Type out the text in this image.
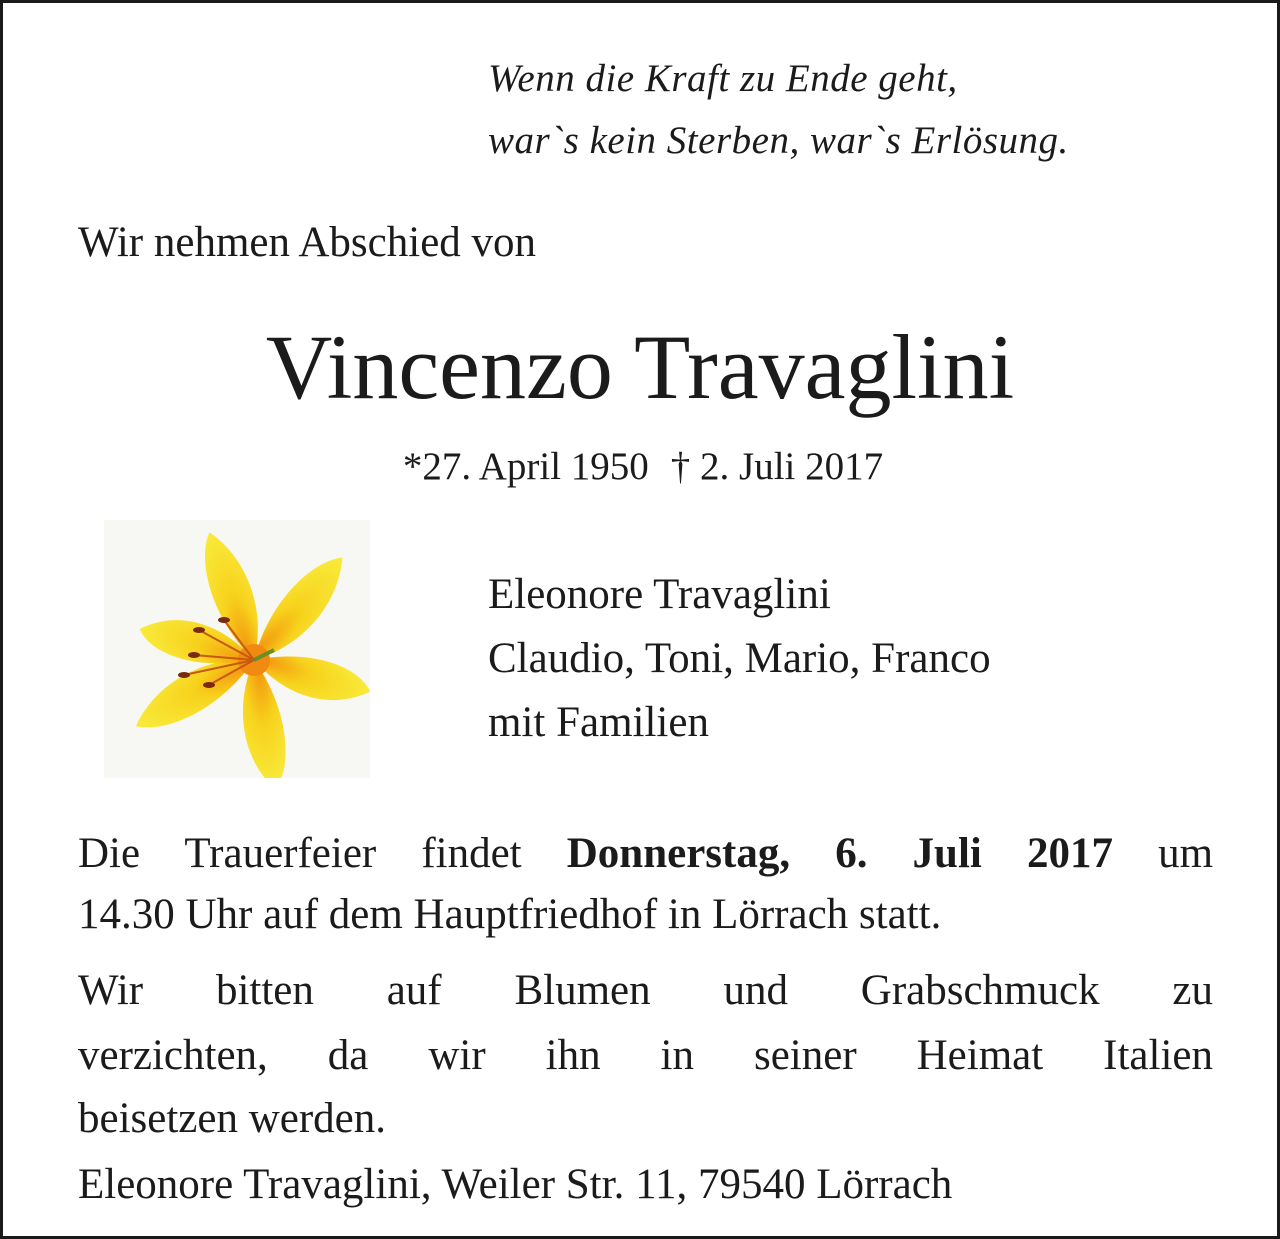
Wenn die Kraft zu Ende geht,
war`s kein Sterben, war`s Erlösung.
Wir nehmen Abschied von
Vincenzo Travaglini
*27. April 1950 † 2. Juli 2017
Eleonore Travaglini
Claudio, Toni, Mario, Franco
mit Familien
Die Trauerfeier findet Donnerstag, 6. Juli 2017 um
14.30 Uhr auf dem Hauptfriedhof in Lörrach statt.
Wir bitten auf Blumen und Grabschmuck zu
verzichten, da wir ihn in seiner Heimat Italien
beisetzen werden.
Eleonore Travaglini, Weiler Str. 11, 79540 Lörrach
